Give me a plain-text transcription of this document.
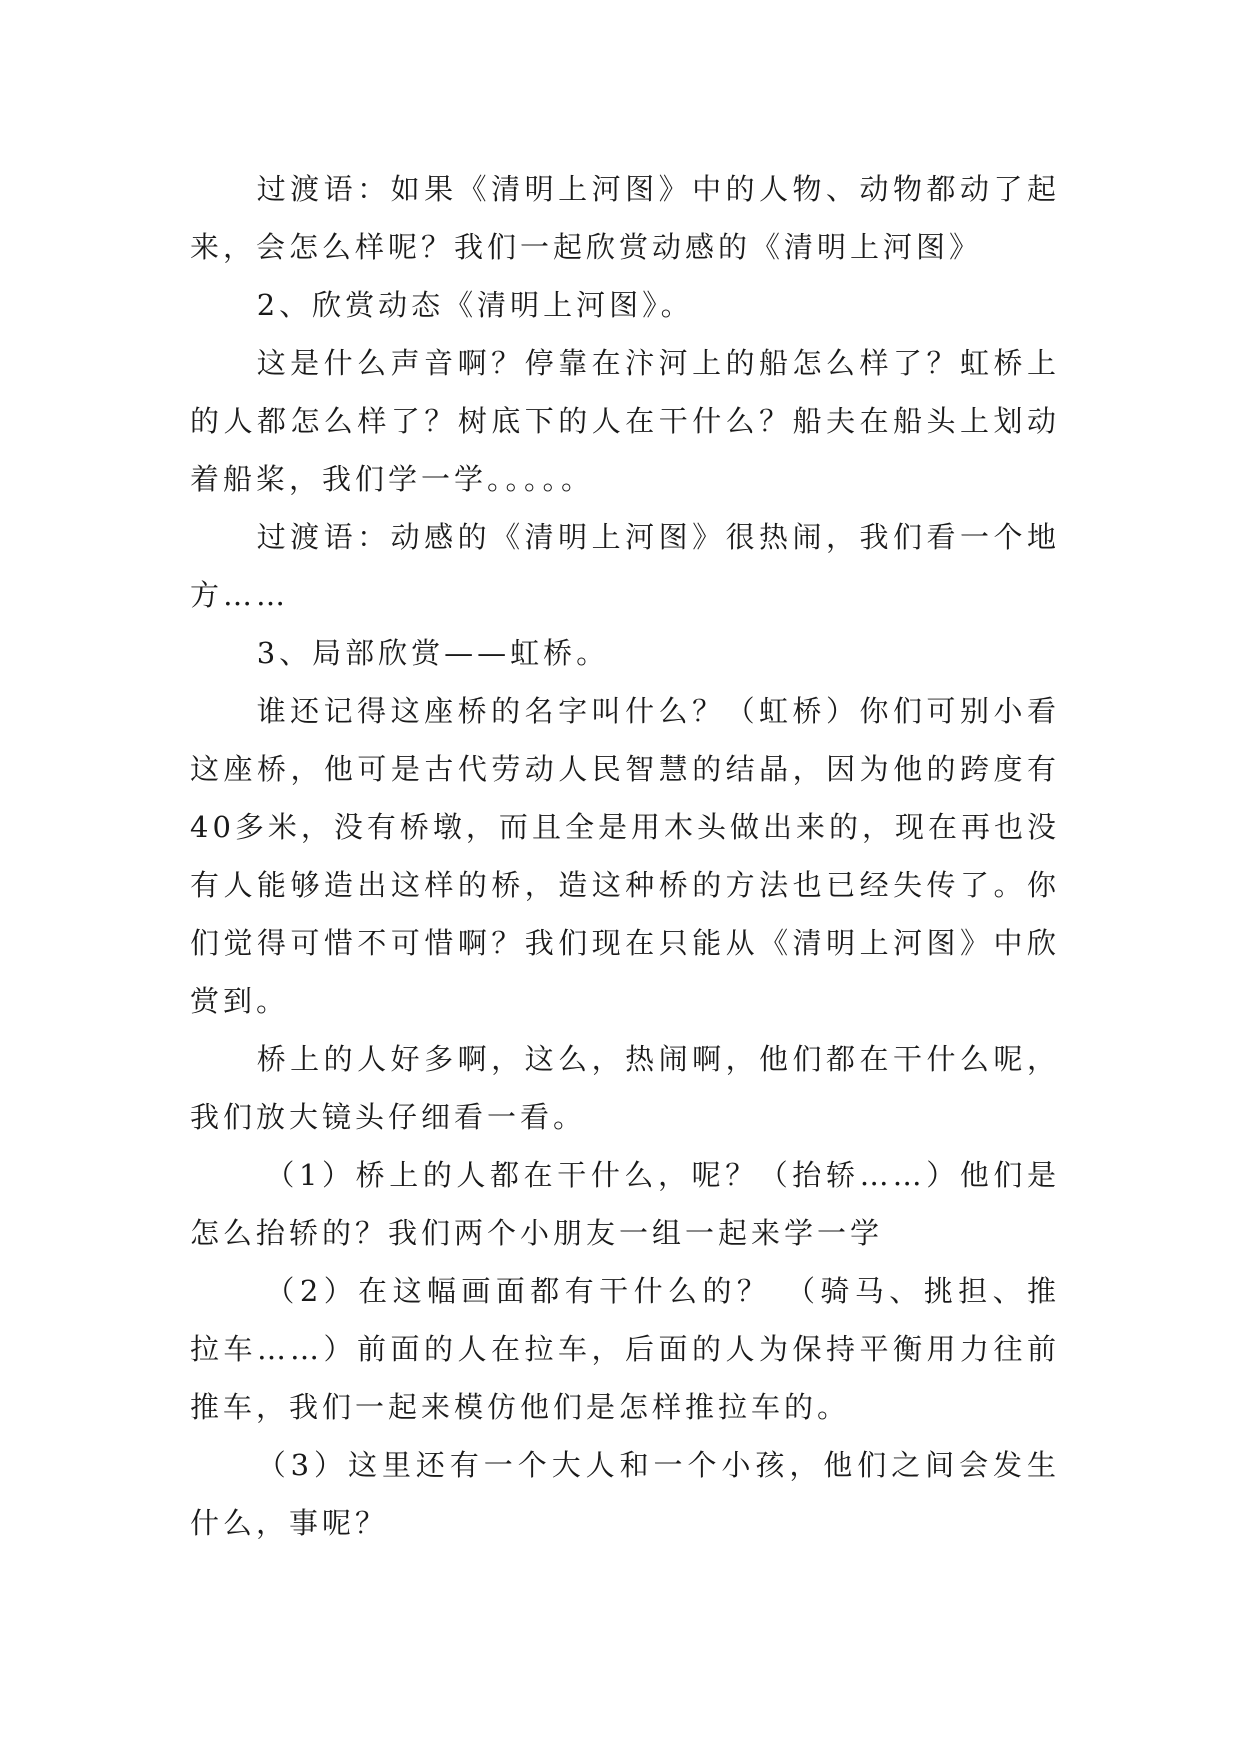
过渡语：如果《清明上河图》中的人物、动物都动了起来，会怎么样呢？我们一起欣赏动感的《清明上河图》

2、欣赏动态《清明上河图》。

这是什么声音啊？停靠在汴河上的船怎么样了？虹桥上的人都怎么样了？树底下的人在干什么？船夫在船头上划动着船桨，我们学一学。。。。。

过渡语：动感的《清明上河图》很热闹，我们看一个地方……

3、局部欣赏——虹桥。

谁还记得这座桥的名字叫什么？（虹桥）你们可别小看这座桥，他可是古代劳动人民智慧的结晶，因为他的跨度有40多米，没有桥墩，而且全是用木头做出来的，现在再也没有人能够造出这样的桥，造这种桥的方法也已经失传了。你们觉得可惜不可惜啊？我们现在只能从《清明上河图》中欣赏到。

桥上的人好多啊，这么，热闹啊，他们都在干什么呢，我们放大镜头仔细看一看。

（1）桥上的人都在干什么，呢？（抬轿……）他们是怎么抬轿的？我们两个小朋友一组一起来学一学

（2）在这幅画面都有干什么的？ （骑马、挑担、推拉车……）前面的人在拉车，后面的人为保持平衡用力往前推车，我们一起来模仿他们是怎样推拉车的。

（3）这里还有一个大人和一个小孩，他们之间会发生什么，事呢？
